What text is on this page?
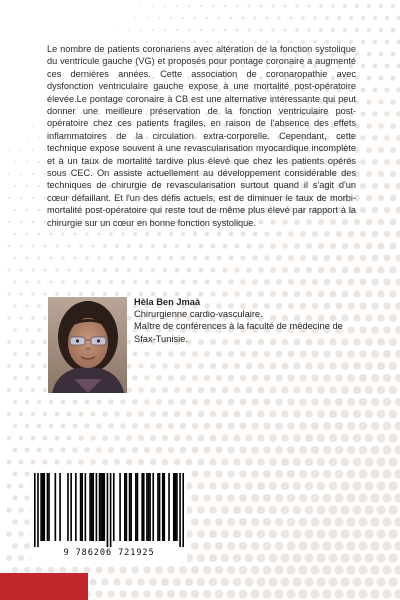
Le nombre de patients coronariens avec altération de la fonction systolique du ventricule gauche (VG) et proposés pour pontage coronaire a augmenté ces dernières années. Cette association de coronaropathie avec dysfonction ventriculaire gauche expose à une mortalité post-opératoire élevée.Le pontage coronaire à CB est une alternative intéressante qui peut donner une meilleure préservation de la fonction ventriculaire post-opératoire chez ces patients fragiles, en raison de l'absence des effets inflammatoires de la circulation extra-corporelle. Cependant, cette technique expose souvent à une revascularisation myocardique incomplète et à un taux de mortalité tardive plus élevé que chez les patients opérés sous CEC. On assiste actuellement au développement considérable des techniques de chirurgie de revascularisation surtout quand il s'agit d'un cœur défaillant. Et l'un des défis actuels, est de diminuer le taux de morbi-mortalité post-opératoire qui reste tout de même plus élevé par rapport à la chirurgie sur un cœur en bonne fonction systolique.
Hèla Ben Jmaà
Chirurgienne cardio-vasculaire.
Maître de conférences à la faculté de médecine de Sfax-Tunisie.
9 786206 721925
